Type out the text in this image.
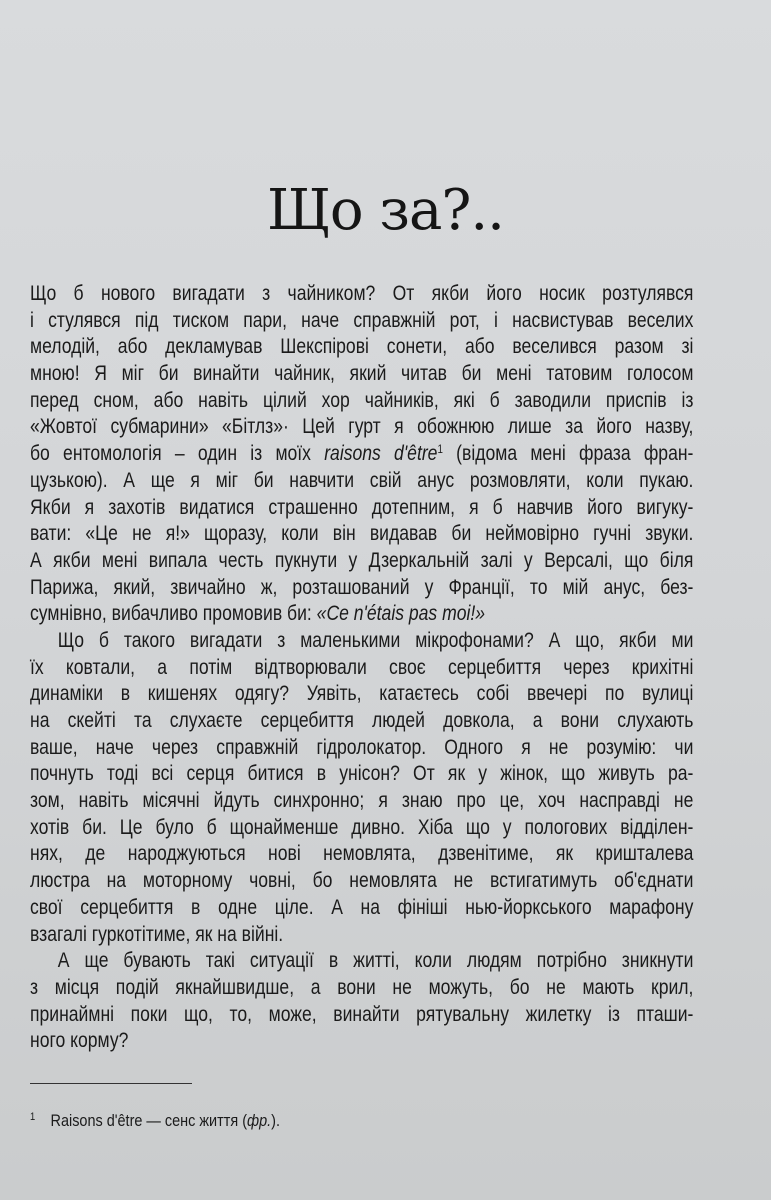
Що за?..
Що б нового вигадати з чайником? От якби його носик розтулявся
і стулявся під тиском пари, наче справжній рот, і насвистував веселих
мелодій, або декламував Шекспірові сонети, або веселився разом зі
мною! Я міг би винайти чайник, який читав би мені татовим голосом
перед сном, або навіть цілий хор чайників, які б заводили приспів із
«Жовтої субмарини» «Бітлз»· Цей гурт я обожнюю лише за його назву,
бо ентомологія – один із моїх raisons d'être$^1$ (відома мені фраза фран-
цузькою). А ще я міг би навчити свій анус розмовляти, коли пукаю.
Якби я захотів видатися страшенно дотепним, я б навчив його вигуку-
вати: «Це не я!» щоразу, коли він видавав би неймовірно гучні звуки.
А якби мені випала честь пукнути у Дзеркальній залі у Версалі, що біля
Парижа, який, звичайно ж, розташований у Франції, то мій анус, без-
сумнівно, вибачливо промовив би: «Ce n'étais pas moi!»
Що б такого вигадати з маленькими мікрофонами? А що, якби ми
їх ковтали, а потім відтворювали своє серцебиття через крихітні
динаміки в кишенях одягу? Уявіть, катаєтесь собі ввечері по вулиці
на скейті та слухаєте серцебиття людей довкола, а вони слухають
ваше, наче через справжній гідролокатор. Одного я не розумію: чи
почнуть тоді всі серця битися в унісон? От як у жінок, що живуть ра-
зом, навіть місячні йдуть синхронно; я знаю про це, хоч насправді не
хотів би. Це було б щонайменше дивно. Хіба що у пологових відділен-
нях, де народжуються нові немовлята, дзвенітиме, як кришталева
люстра на моторному човні, бо немовлята не встигатимуть об'єднати
свої серцебиття в одне ціле. А на фініші нью-йоркського марафону
взагалі гуркотітиме, як на війні.
А ще бувають такі ситуації в житті, коли людям потрібно зникнути
з місця подій якнайшвидше, а вони не можуть, бо не мають крил,
принаймні поки що, то, може, винайти рятувальну жилетку із пташи-
ного корму?
$^1$ Raisons d'être — сенс життя (фр.).
